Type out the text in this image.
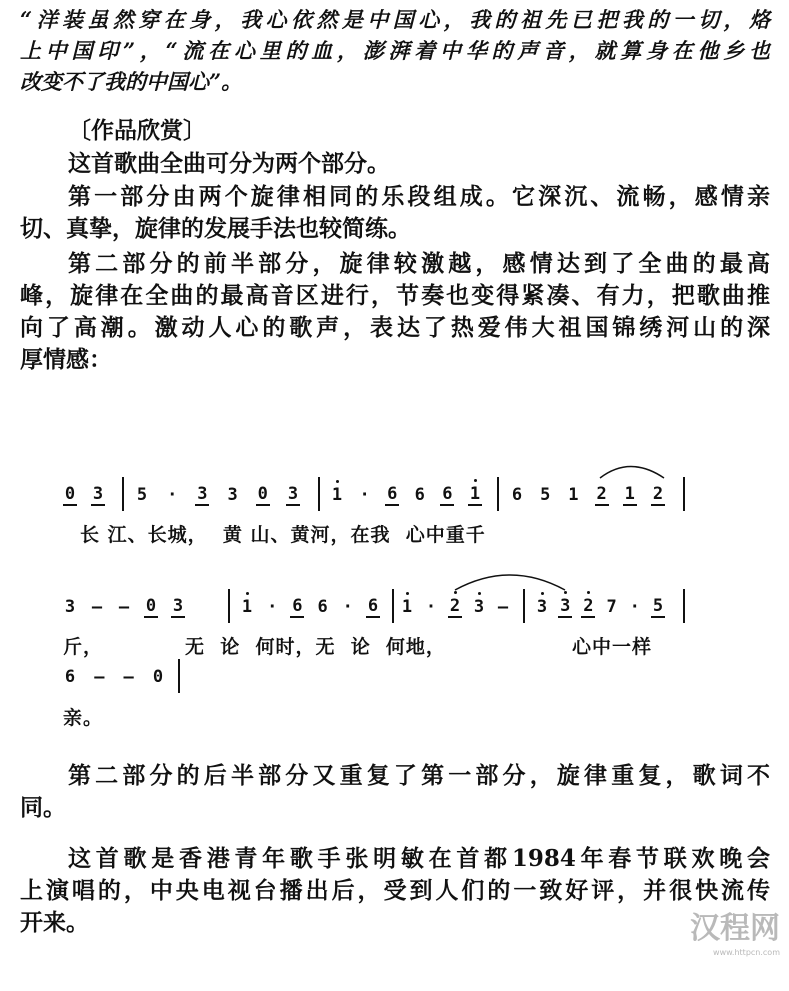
“洋装虽然穿在身，我心依然是中国心，我的祖先已把我的一切，烙
上中国印”，“流在心里的血，澎湃着中华的声音，就算身在他乡也
改变不了我的中国心”。
〔作品欣赏〕
这首歌曲全曲可分为两个部分。
第一部分由两个旋律相同的乐段组成。它深沉、流畅，感情亲
切、真挚，旋律的发展手法也较简练。
第二部分的前半部分，旋律较激越，感情达到了全曲的最高
峰，旋律在全曲的最高音区进行，节奏也变得紧凑、有力，把歌曲推
向了高潮。激动人心的歌声，表达了热爱伟大祖国锦绣河山的深
厚情感：
长 江、长城，  黄 山、黄河，在我  心中重千
斤，	无  论  何时，无  论  何地，	心中一样
亲。
0 3 5 · 3 3 0 3 1 · 6 6 6 1 6 5 1 2 1 2
3 — — 0 3	1 · 6 6 · 6 1 · 2 3 — 3 3 2 7 · 5
6 — — 0
第二部分的后半部分又重复了第一部分，旋律重复，歌词不
同。
这首歌是香港青年歌手张明敏在首都1984年春节联欢晚会
上演唱的，中央电视台播出后，受到人们的一致好评，并很快流传
开来。	汉程网
www.httpcn.com
